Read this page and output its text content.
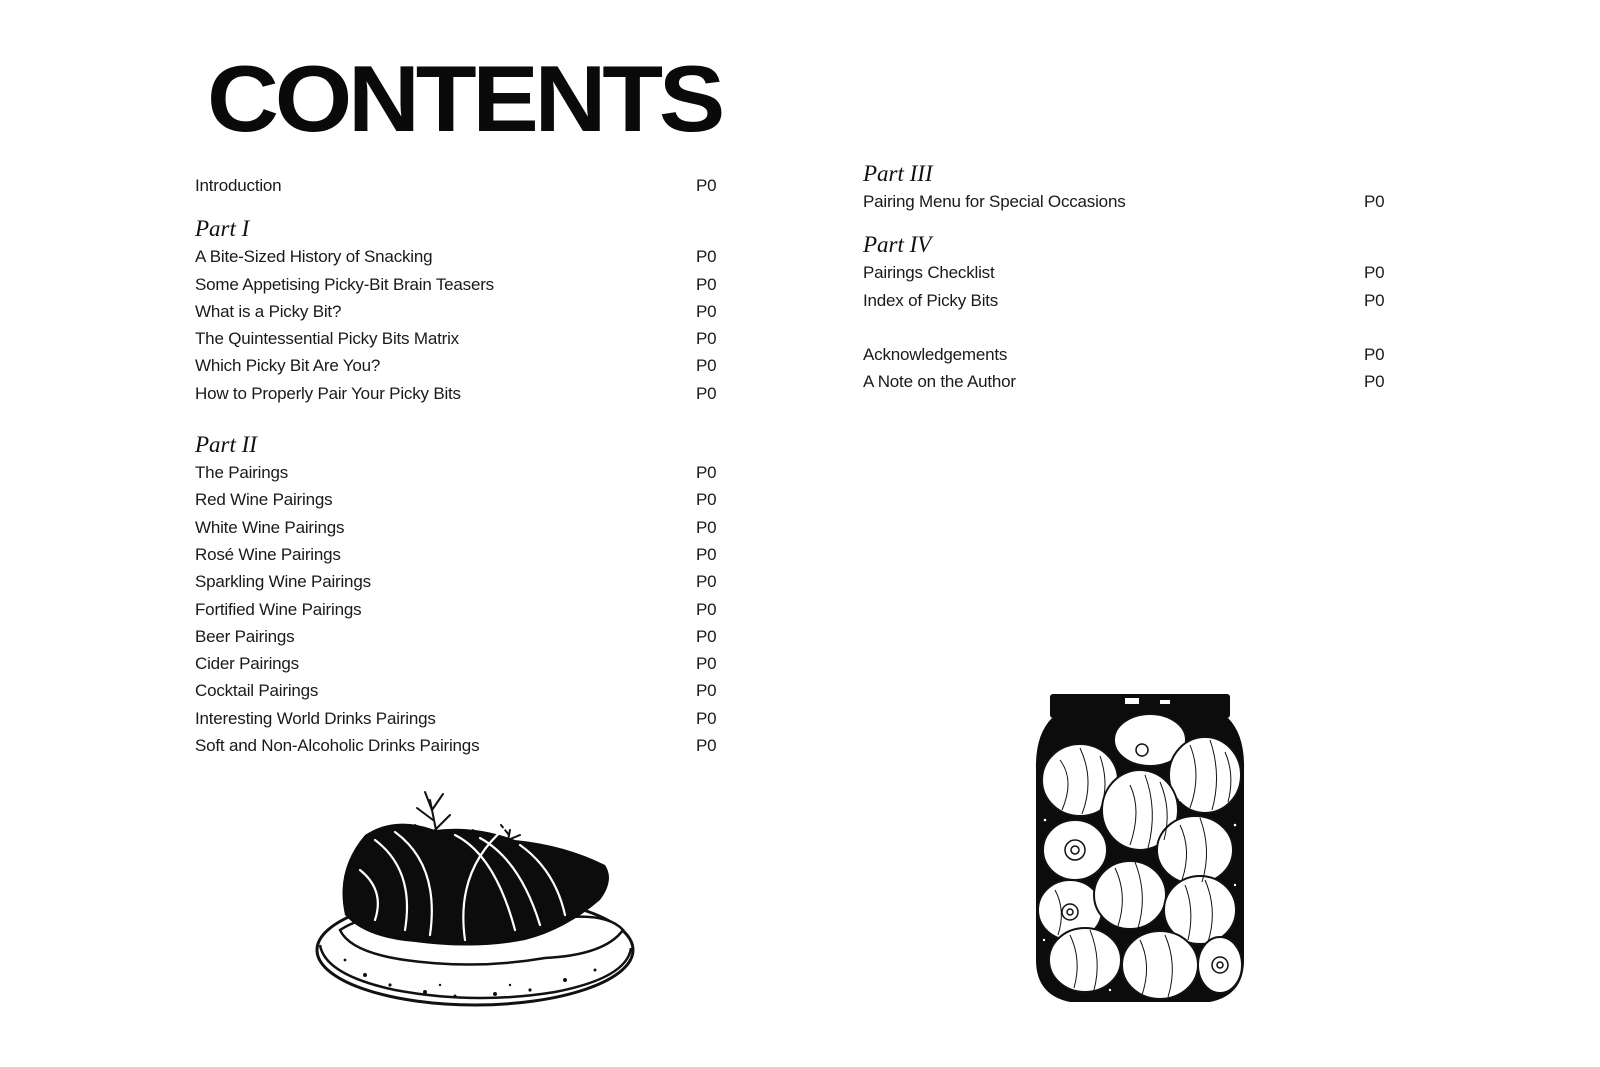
CONTENTS
Introduction	P0
Part I
A Bite-Sized History of Snacking	P0
Some Appetising Picky-Bit Brain Teasers	P0
What is a Picky Bit?	P0
The Quintessential Picky Bits Matrix	P0
Which Picky Bit Are You?	P0
How to Properly Pair Your Picky Bits	P0
Part II
The Pairings	P0
Red Wine Pairings	P0
White Wine Pairings	P0
Rosé Wine Pairings	P0
Sparkling Wine Pairings	P0
Fortified Wine Pairings	P0
Beer Pairings	P0
Cider Pairings	P0
Cocktail Pairings	P0
Interesting World Drinks Pairings	P0
Soft and Non-Alcoholic Drinks Pairings	P0
Part III
Pairing Menu for Special Occasions	P0
Part IV
Pairings Checklist	P0
Index of Picky Bits	P0
Acknowledgements	P0
A Note on the Author	P0
